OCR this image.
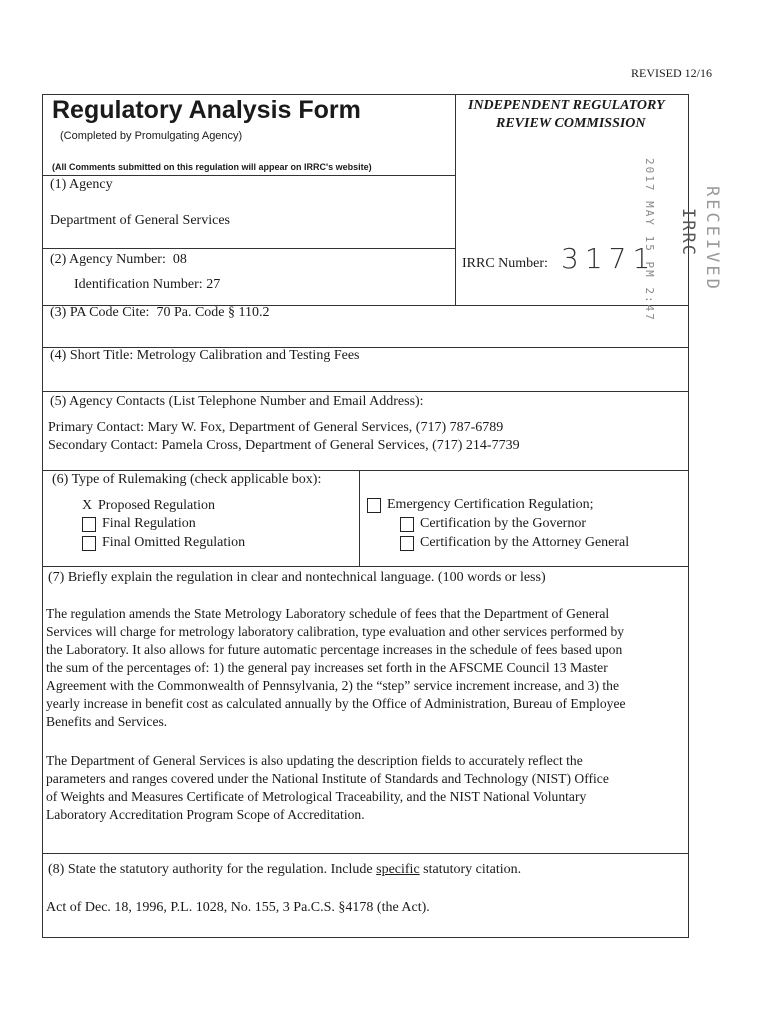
REVISED 12/16
Regulatory Analysis Form
(Completed by Promulgating Agency)
INDEPENDENT REGULATORY
REVIEW COMMISSION
(All Comments submitted on this regulation will appear on IRRC's website)
(1) Agency
Department of General Services
(2) Agency Number: 08
Identification Number: 27
IRRC Number: 3171
(3) PA Code Cite: 70 Pa. Code § 110.2
(4) Short Title: Metrology Calibration and Testing Fees
(5) Agency Contacts (List Telephone Number and Email Address):
Primary Contact: Mary W. Fox, Department of General Services, (717) 787-6789
Secondary Contact: Pamela Cross, Department of General Services, (717) 214-7739
(6) Type of Rulemaking (check applicable box):
X Proposed Regulation
Final Regulation
Final Omitted Regulation
Emergency Certification Regulation;
Certification by the Governor
Certification by the Attorney General
(7) Briefly explain the regulation in clear and nontechnical language. (100 words or less)
The regulation amends the State Metrology Laboratory schedule of fees that the Department of General
Services will charge for metrology laboratory calibration, type evaluation and other services performed by
the Laboratory. It also allows for future automatic percentage increases in the schedule of fees based upon
the sum of the percentages of: 1) the general pay increases set forth in the AFSCME Council 13 Master
Agreement with the Commonwealth of Pennsylvania, 2) the “step” service increment increase, and 3) the
yearly increase in benefit cost as calculated annually by the Office of Administration, Bureau of Employee
Benefits and Services.
The Department of General Services is also updating the description fields to accurately reflect the
parameters and ranges covered under the National Institute of Standards and Technology (NIST) Office
of Weights and Measures Certificate of Metrological Traceability, and the NIST National Voluntary
Laboratory Accreditation Program Scope of Accreditation.
(8) State the statutory authority for the regulation. Include specific statutory citation.
Act of Dec. 18, 1996, P.L. 1028, No. 155, 3 Pa.C.S. §4178 (the Act).
RECEIVED
IRRC
2017 MAY 15 PM 2:47
